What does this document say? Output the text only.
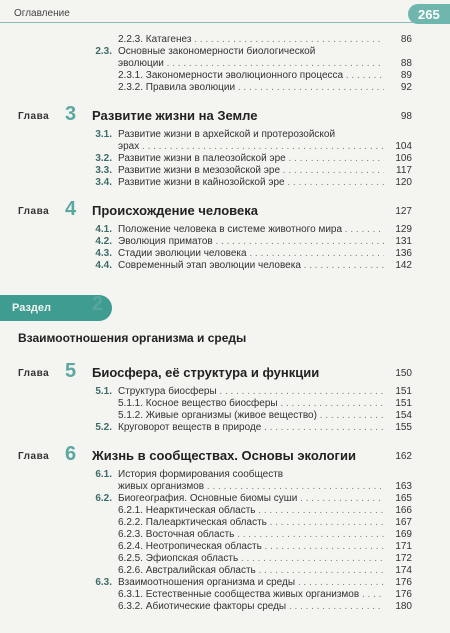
Оглавление	265
Раздел 2
Взаимоотношения организма и среды
2.2.3. Катагенез . . .	86
2.3. Основные закономерности биологической
эволюции . . .	88
2.3.1. Закономерности эволюционного процесса . . .	89
2.3.2. Правила эволюции . . .	92
Глава 3 Развитие жизни на Земле	98
3.1. Развитие жизни в архейской и протерозойской
эрах . . .	104
3.2. Развитие жизни в палеозойской эре . . .	106
3.3. Развитие жизни в мезозойской эре . . .	117
3.4. Развитие жизни в кайнозойской эре . . .	120
Глава 4 Происхождение человека	127
4.1. Положение человека в системе животного мира . . .	129
4.2. Эволюция приматов . . .	131
4.3. Стадии эволюции человека . . .	136
4.4. Современный этап эволюции человека . . .	142
Глава 5 Биосфера, её структура и функции	150
5.1. Структура биосферы . . .	151
5.1.1. Косное вещество биосферы . . .	151
5.1.2. Живые организмы (живое вещество) . . .	154
5.2. Круговорот веществ в природе . . .	155
Глава 6 Жизнь в сообществах. Основы экологии	162
6.1. История формирования сообществ
живых организмов . . .	163
6.2. Биогеография. Основные биомы суши . . .	165
6.2.1. Неарктическая область . . .	166
6.2.2. Палеарктическая область . . .	167
6.2.3. Восточная область . . .	169
6.2.4. Неотропическая область . . .	171
6.2.5. Эфиопская область . . .	172
6.2.6. Австралийская область . . .	174
6.3. Взаимоотношения организма и среды . . .	176
6.3.1. Естественные сообщества живых организмов . . .	176
6.3.2. Абиотические факторы среды . . .	180
